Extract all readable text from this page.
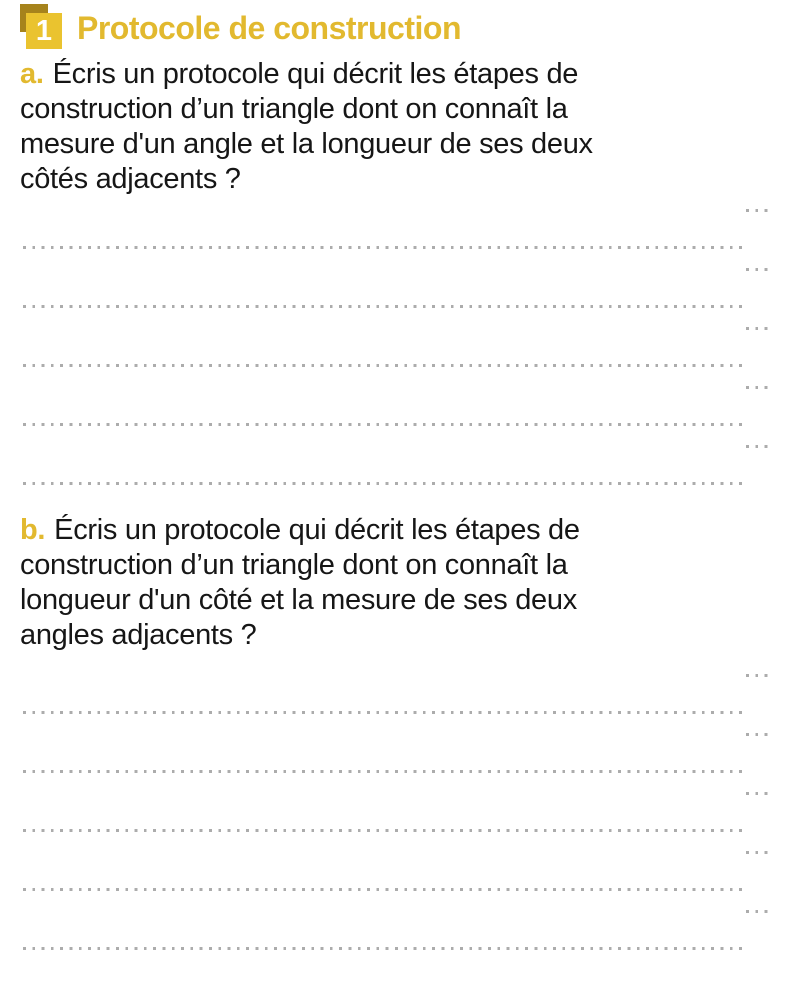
1 Protocole de construction

a. Écris un protocole qui décrit les étapes de

construction d’un triangle dont on connaît la

mesure d'un angle et la longueur de ses deux

côtés adjacents ?

b. Écris un protocole qui décrit les étapes de

construction d’un triangle dont on connaît la

longueur d'un côté et la mesure de ses deux

angles adjacents ?
